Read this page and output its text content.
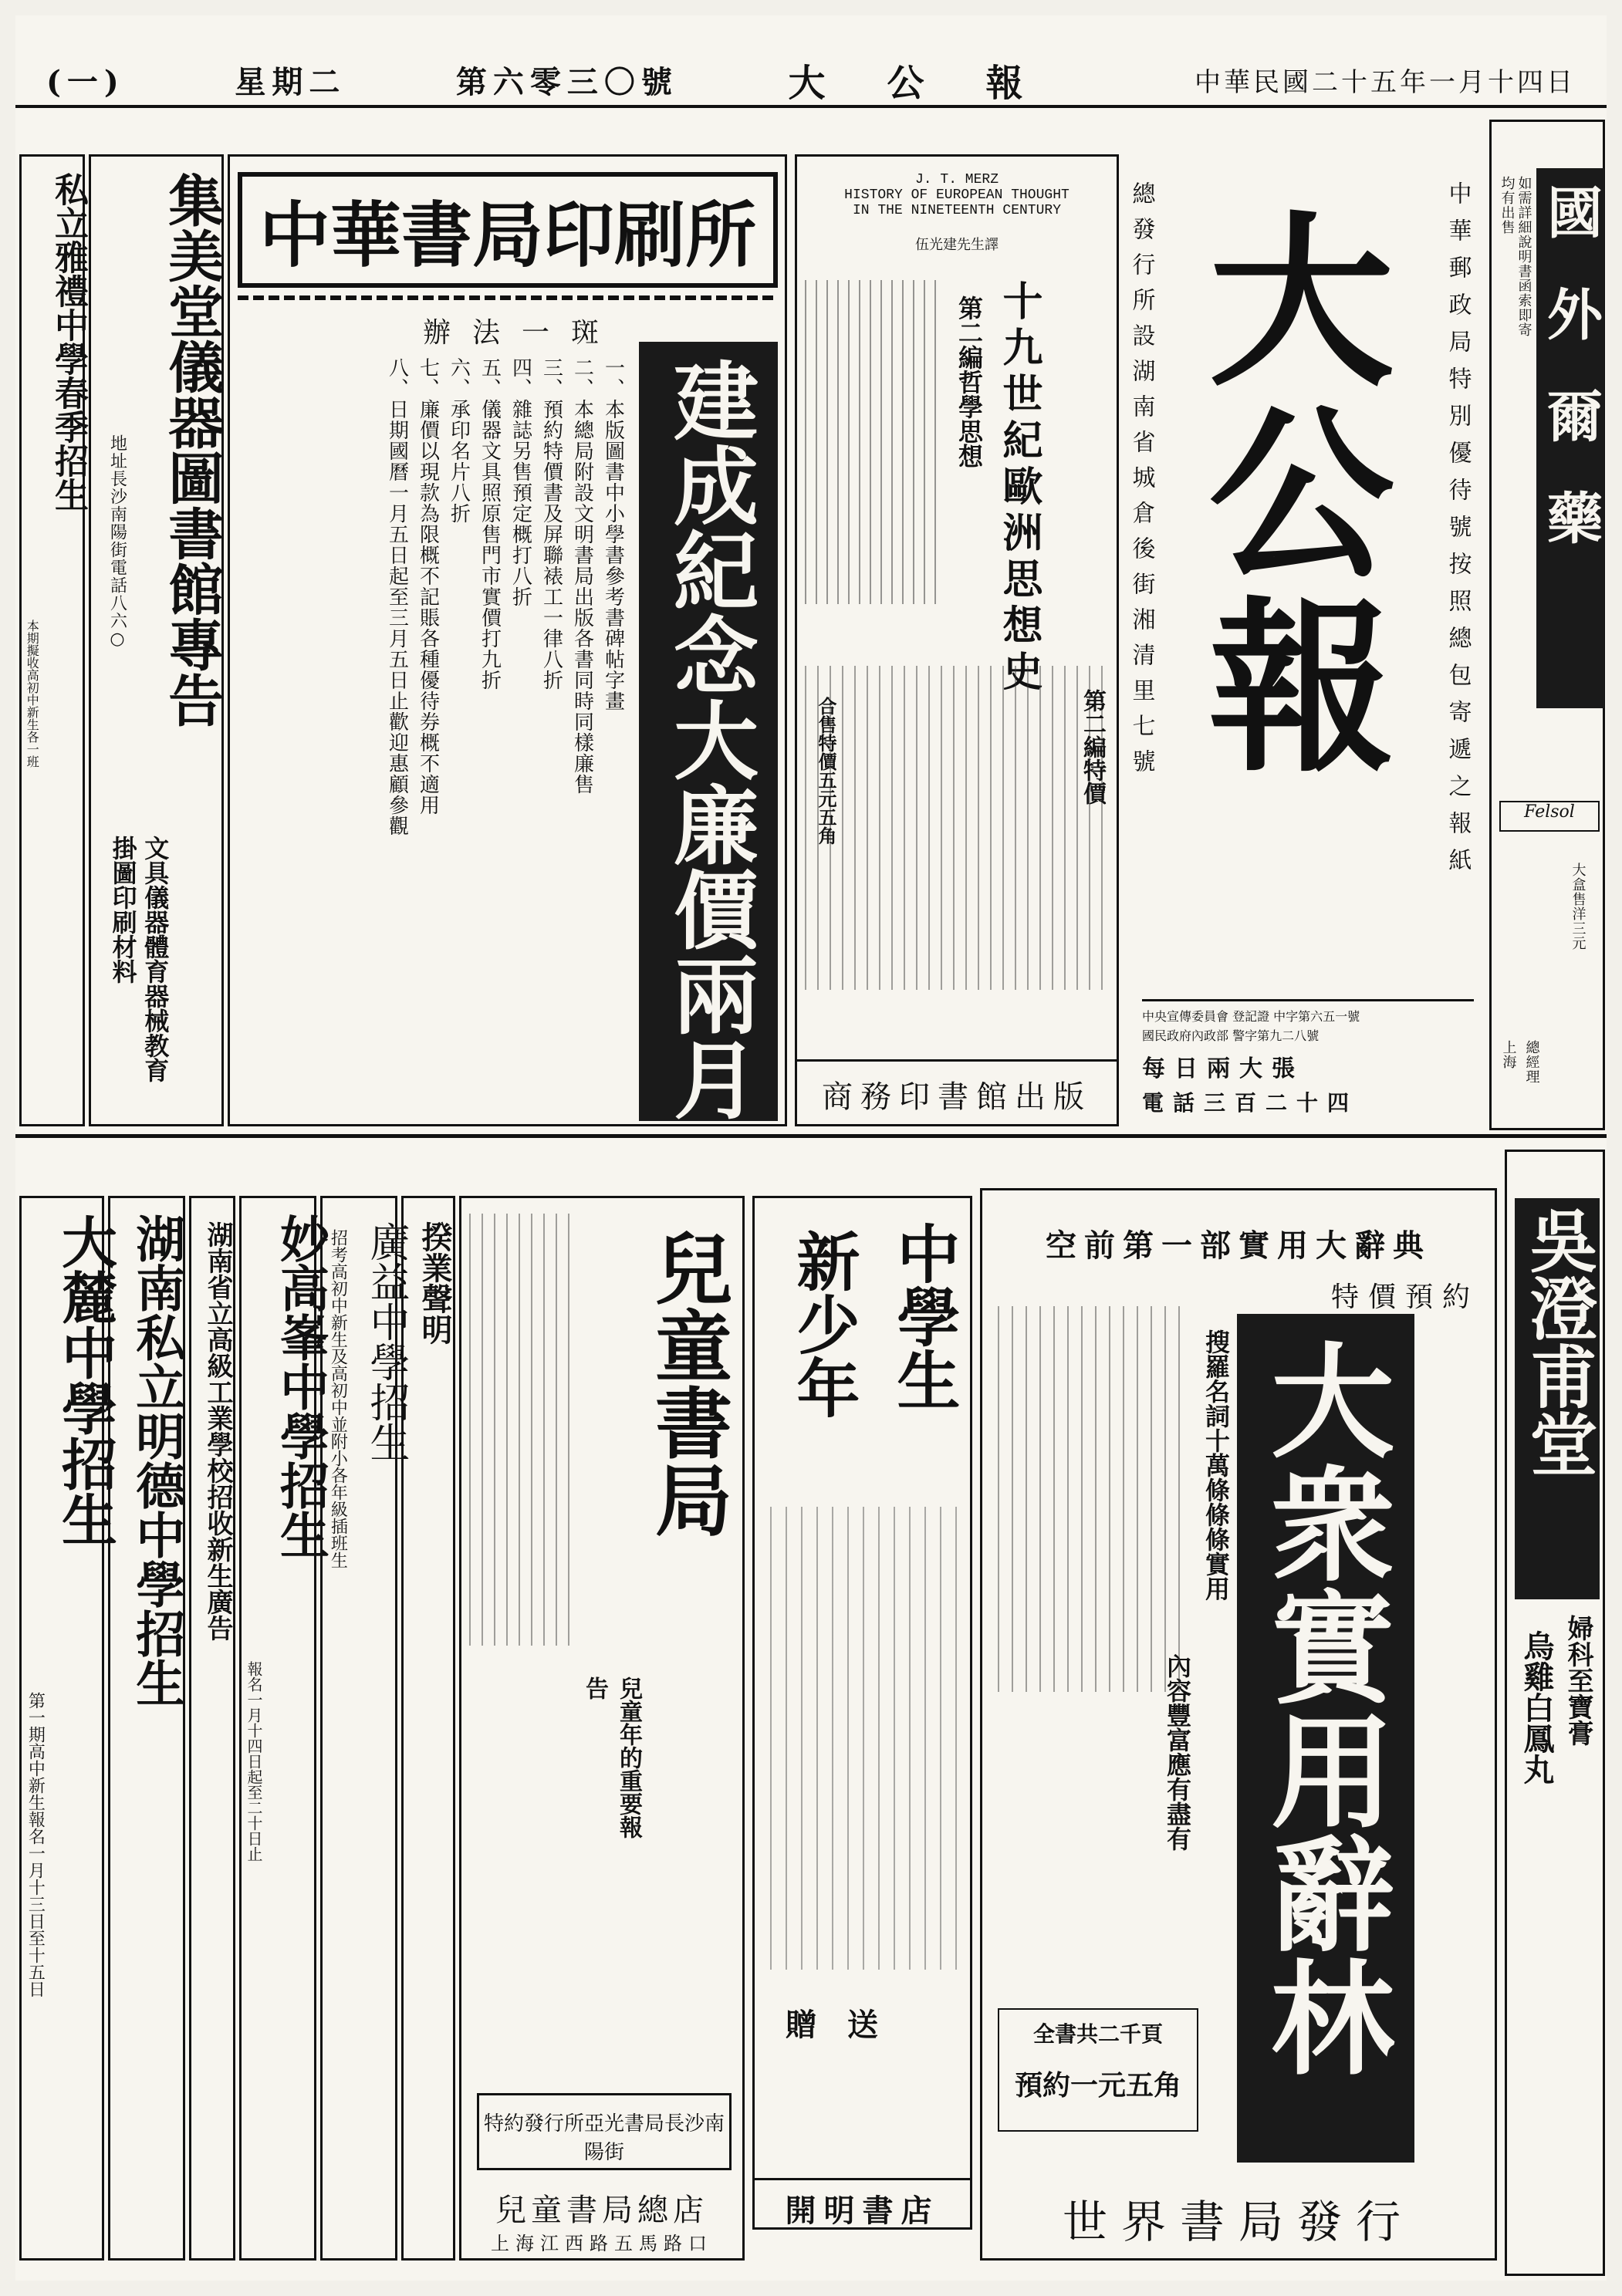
(一)	星期二	第六零三〇號	大公報	中華民國二十五年一月十四日
國外爾藥
均有出售 如需詳細說明書函索即寄
Felsol
大盒售洋三元
總經理
上海
中華郵政局特別優待號按照總包寄遞之報紙
總發行所設湖南省城倉後街湘清里七號 大公報
中央宣傳委員會 登記證 中字第六五一號
國民政府內政部 警字第九二八號
每日兩大張
電話三百二十四
J. T. MERZ
HISTORY OF EUROPEAN THOUGHT
IN THE NINETEENTH CENTURY
伍光建先生譯
十九世紀歐洲思想史
第二編哲學思想
第二編特價
合售特價五元五角
商務印書館出版
中華書局印刷所
辦法一斑
建成紀念大廉價兩月
一、本版圖書中小學書參考書碑帖字畫
二、本總局附設文明書局出版各書同時同樣廉售
三、預約特價書及屏聯裱工一律八折
四、雜誌另售預定概打八折
五、儀器文具照原售門市實價打九折
六、承印名片八折
七、廉價以現款為限概不記賬各種優待券概不適用
八、日期國曆一月五日起至三月五日止歡迎惠顧參觀
集美堂儀器圖書館專告
文具儀器體育器械教育掛圖印刷材料
地址長沙南陽街電話八六○
私立雅禮中學春季招生
本期擬收高初中新生各一班
吳澄甫堂
婦科至寶膏
烏雞白鳳丸
空前第一部實用大辭典
特價預約
大衆實用辭林
搜羅名詞十萬條條條實用
內容豐富應有盡有
全書共二千頁
預約一元五角
世界書局發行
中學生
新少年
贈送
開明書店
兒童書局
兒童年的重要報告
特約發行所亞光書局長沙南陽街
兒童書局總店
上海江西路五馬路口
揆業聲明
廣益中學招生
招考高初中新生及高初中並附小各年級插班生
妙高峯中學招生
報名一月十四日起至二十日止
湖南省立高級工業學校招收新生廣告
湖南私立明德中學招生
大麓中學招生
第一期高中新生報名一月十三日至十五日
